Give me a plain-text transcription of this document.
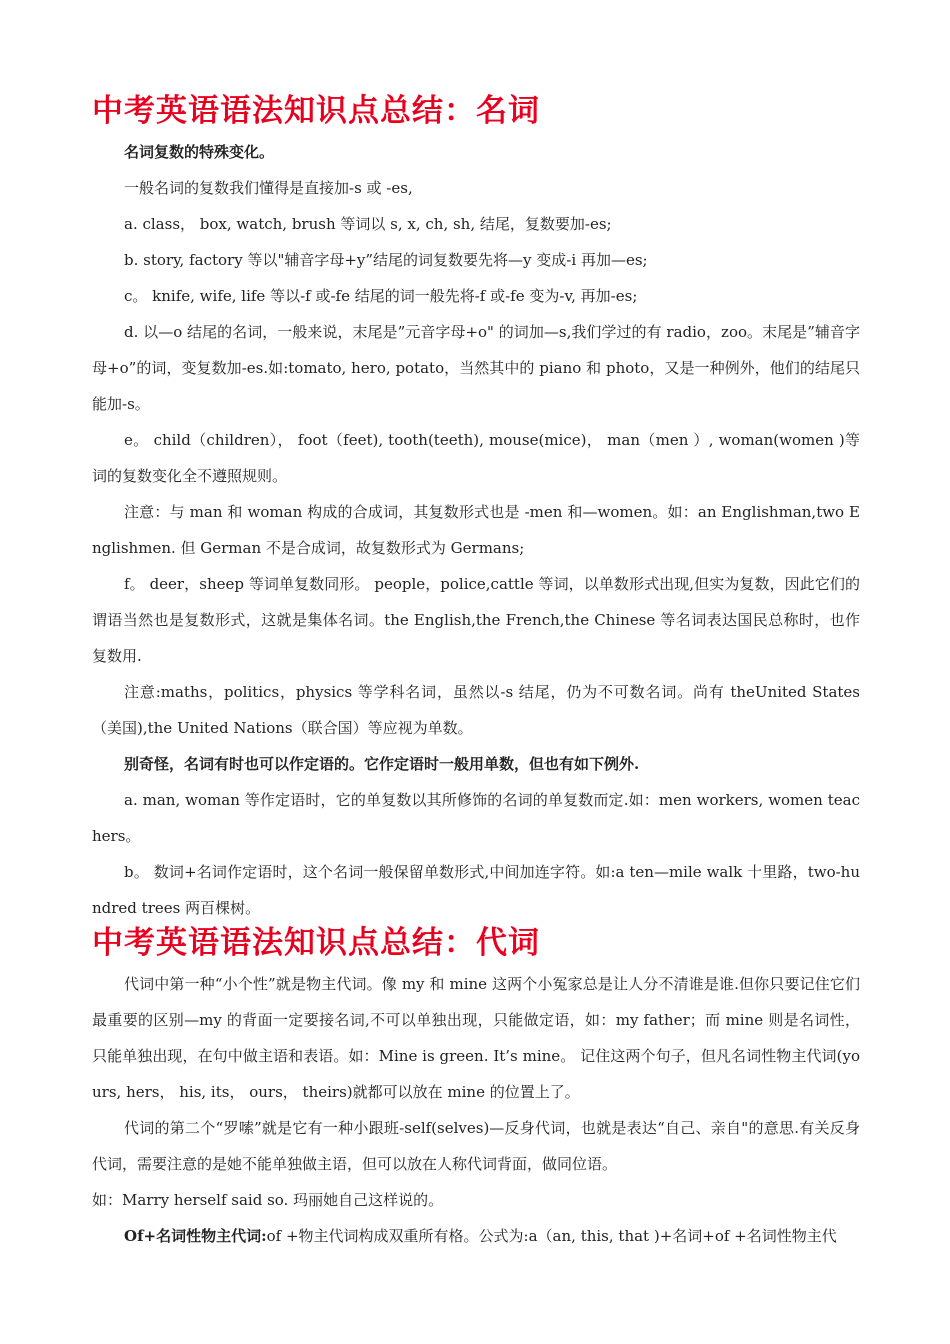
中考英语语法知识点总结：名词

名词复数的特殊变化。

一般名词的复数我们懂得是直接加-s 或 -es,

a. class， box, watch, brush 等词以 s, x, ch, sh, 结尾，复数要加-es;

b. story, factory 等以"辅音字母+y”结尾的词复数要先将—y 变成-i 再加—es;

c。 knife, wife, life 等以-f 或-fe 结尾的词一般先将-f 或-fe 变为-v, 再加-es;

d. 以—o 结尾的名词，一般来说，末尾是”元音字母+o" 的词加—s,我们学过的有 radio，zoo。末尾是”辅音字母+o”的词，变复数加-es.如:tomato, hero, potato，当然其中的 piano 和 photo，又是一种例外，他们的结尾只能加-s。

e。 child（children）， foot（feet), tooth(teeth), mouse(mice)， man（men ）, woman(women )等词的复数变化全不遵照规则。

注意：与 man 和 woman 构成的合成词，其复数形式也是 -men 和—women。如：an Englishman,two Englishmen. 但 German 不是合成词，故复数形式为 Germans;

f。 deer，sheep 等词单复数同形。 people，police,cattle 等词，以单数形式出现,但实为复数，因此它们的谓语当然也是复数形式，这就是集体名词。the English,the French,the Chinese 等名词表达国民总称时，也作复数用.

注意:maths，politics，physics 等学科名词，虽然以-s 结尾，仍为不可数名词。尚有 theUnited States（美国),the United Nations（联合国）等应视为单数。

别奇怪，名词有时也可以作定语的。它作定语时一般用单数，但也有如下例外.

a. man, woman 等作定语时，它的单复数以其所修饰的名词的单复数而定.如：men workers, women teachers。

b。 数词+名词作定语时，这个名词一般保留单数形式,中间加连字符。如:a ten—mile walk 十里路，two-hundred trees 两百棵树。

中考英语语法知识点总结：代词

代词中第一种“小个性”就是物主代词。像 my 和 mine 这两个小冤家总是让人分不清谁是谁.但你只要记住它们最重要的区别—my 的背面一定要接名词,不可以单独出现，只能做定语，如：my father；而 mine 则是名词性，只能单独出现，在句中做主语和表语。如：Mine is green. It’s mine。 记住这两个句子，但凡名词性物主代词(yours, hers， his, its， ours， theirs)就都可以放在 mine 的位置上了。

代词的第二个“罗嗦”就是它有一种小跟班-self(selves)—反身代词，也就是表达“自己、亲自"的意思.有关反身代词，需要注意的是她不能单独做主语，但可以放在人称代词背面，做同位语。

如：Marry herself said so. 玛丽她自己这样说的。

Of+名词性物主代词:of +物主代词构成双重所有格。公式为:a（an, this, that )+名词+of +名词性物主代
